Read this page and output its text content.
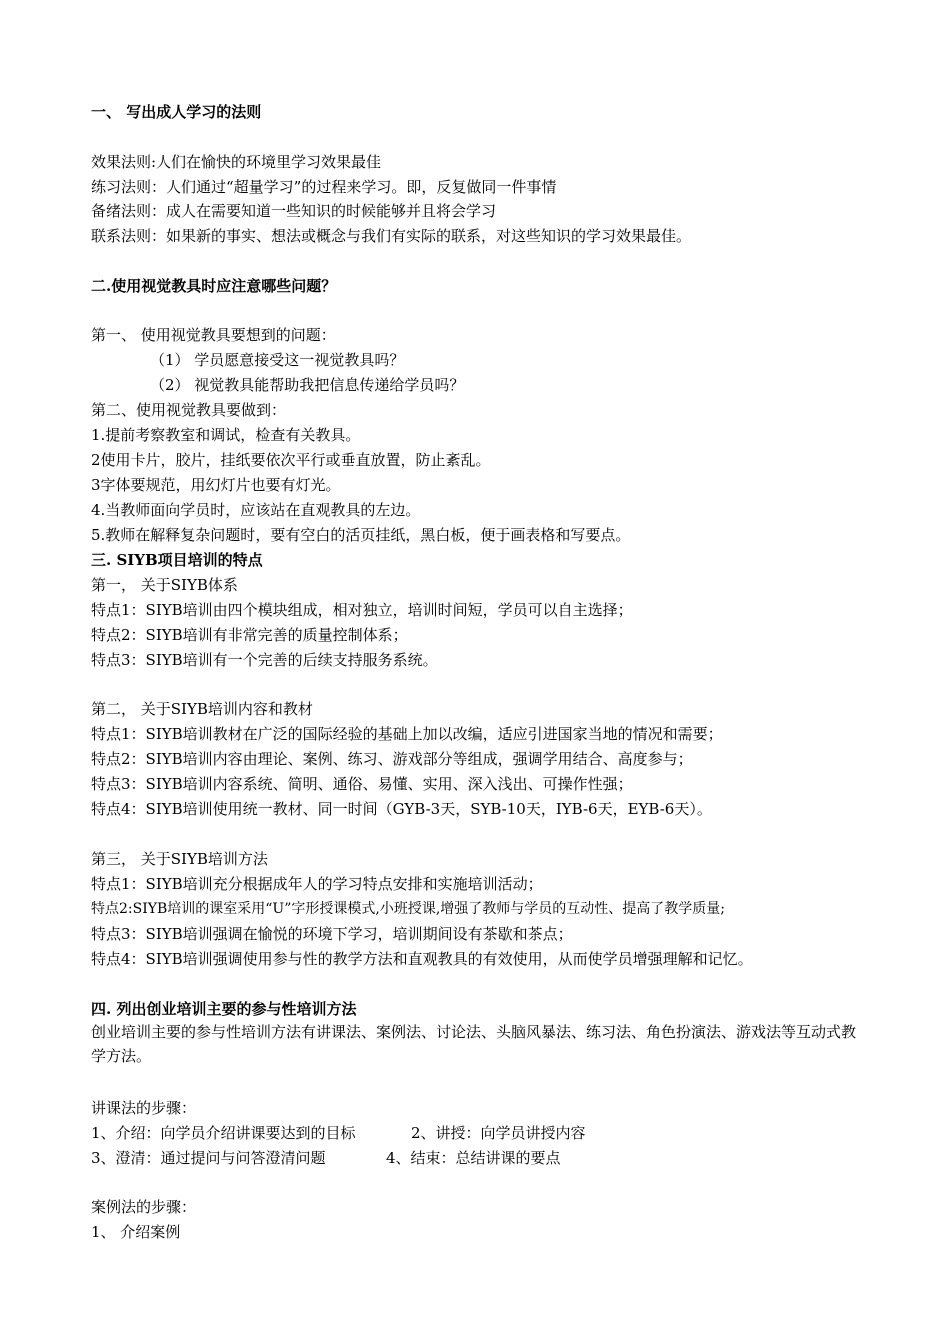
一、 写出成人学习的法则
效果法则:人们在愉快的环境里学习效果最佳
练习法则：人们通过“超量学习”的过程来学习。即，反复做同一件事情
备绪法则：成人在需要知道一些知识的时候能够并且将会学习
联系法则：如果新的事实、想法或概念与我们有实际的联系，对这些知识的学习效果最佳。
二.使用视觉教具时应注意哪些问题？
第一、 使用视觉教具要想到的问题：
（1） 学员愿意接受这一视觉教具吗？
（2） 视觉教具能帮助我把信息传递给学员吗？
第二、使用视觉教具要做到：
1.提前考察教室和调试，检查有关教具。
2使用卡片，胶片，挂纸要依次平行或垂直放置，防止紊乱。
3字体要规范，用幻灯片也要有灯光。
4.当教师面向学员时，应该站在直观教具的左边。
5.教师在解释复杂问题时，要有空白的活页挂纸，黑白板，便于画表格和写要点。
三. SIYB项目培训的特点
第一， 关于SIYB体系
特点1：SIYB培训由四个模块组成，相对独立，培训时间短，学员可以自主选择；
特点2：SIYB培训有非常完善的质量控制体系；
特点3：SIYB培训有一个完善的后续支持服务系统。
第二， 关于SIYB培训内容和教材
特点1：SIYB培训教材在广泛的国际经验的基础上加以改编，适应引进国家当地的情况和需要；
特点2：SIYB培训内容由理论、案例、练习、游戏部分等组成，强调学用结合、高度参与；
特点3：SIYB培训内容系统、简明、通俗、易懂、实用、深入浅出、可操作性强；
特点4：SIYB培训使用统一教材、同一时间（GYB-3天，SYB-10天，IYB-6天，EYB-6天）。
第三， 关于SIYB培训方法
特点1：SIYB培训充分根据成年人的学习特点安排和实施培训活动；
特点2:SIYB培训的课室采用“U”字形授课模式,小班授课,增强了教师与学员的互动性、提高了教学质量;
特点3：SIYB培训强调在愉悦的环境下学习，培训期间设有茶歇和茶点；
特点4：SIYB培训强调使用参与性的教学方法和直观教具的有效使用，从而使学员增强理解和记忆。
四. 列出创业培训主要的参与性培训方法
创业培训主要的参与性培训方法有讲课法、案例法、讨论法、头脑风暴法、练习法、角色扮演法、游戏法等互动式教学方法。
讲课法的步骤：
1、介绍：向学员介绍讲课要达到的目标	2、讲授：向学员讲授内容
3、澄清：通过提问与问答澄清问题	4、结束：总结讲课的要点
案例法的步骤：
1、 介绍案例
